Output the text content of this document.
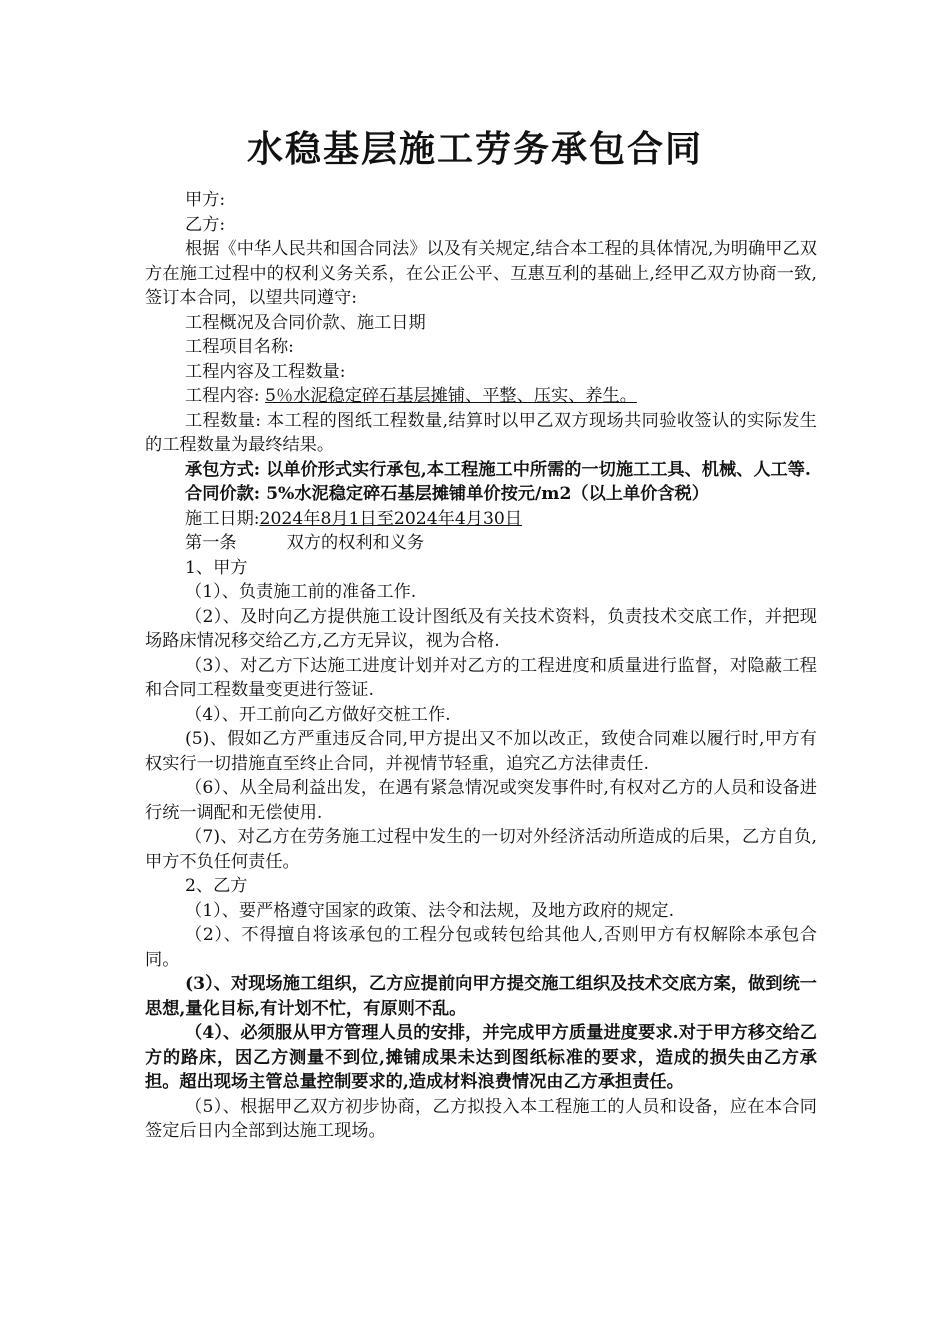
水稳基层施工劳务承包合同

甲方:

乙方:

根据《中华人民共和国合同法》以及有关规定,结合本工程的具体情况,为明确甲乙双方在施工过程中的权利义务关系，在公正公平、互惠互利的基础上,经甲乙双方协商一致,签订本合同，以望共同遵守:

工程概况及合同价款、施工日期

工程项目名称:

工程内容及工程数量:

工程内容: 5％水泥稳定碎石基层摊铺、平整、压实、养生。

工程数量: 本工程的图纸工程数量,结算时以甲乙双方现场共同验收签认的实际发生的工程数量为最终结果。

承包方式: 以单价形式实行承包,本工程施工中所需的一切施工工具、机械、人工等.

合同价款: 5%水泥稳定碎石基层摊铺单价按元/m2（以上单价含税）

施工日期:2024年8月1日至2024年4月30日

第一条	双方的权利和义务

1、甲方

（1）、负责施工前的准备工作.

（2）、及时向乙方提供施工设计图纸及有关技术资料，负责技术交底工作，并把现场路床情况移交给乙方,乙方无异议，视为合格.

（3）、对乙方下达施工进度计划并对乙方的工程进度和质量进行监督，对隐蔽工程和合同工程数量变更进行签证.

（4）、开工前向乙方做好交桩工作.

(5)、假如乙方严重违反合同,甲方提出又不加以改正，致使合同难以履行时,甲方有权实行一切措施直至终止合同，并视情节轻重，追究乙方法律责任.

（6）、从全局利益出发，在遇有紧急情况或突发事件时,有权对乙方的人员和设备进行统一调配和无偿使用.

（7)、对乙方在劳务施工过程中发生的一切对外经济活动所造成的后果，乙方自负,甲方不负任何责任。

2、乙方

（1）、要严格遵守国家的政策、法令和法规，及地方政府的规定.

（2）、不得擅自将该承包的工程分包或转包给其他人,否则甲方有权解除本承包合同。

(3）、对现场施工组织，乙方应提前向甲方提交施工组织及技术交底方案，做到统一思想,量化目标,有计划不忙，有原则不乱。

（4）、必须服从甲方管理人员的安排，并完成甲方质量进度要求.对于甲方移交给乙方的路床，因乙方测量不到位,摊铺成果未达到图纸标准的要求，造成的损失由乙方承担。超出现场主管总量控制要求的,造成材料浪费情况由乙方承担责任。

（5）、根据甲乙双方初步协商，乙方拟投入本工程施工的人员和设备，应在本合同签定后日内全部到达施工现场。
